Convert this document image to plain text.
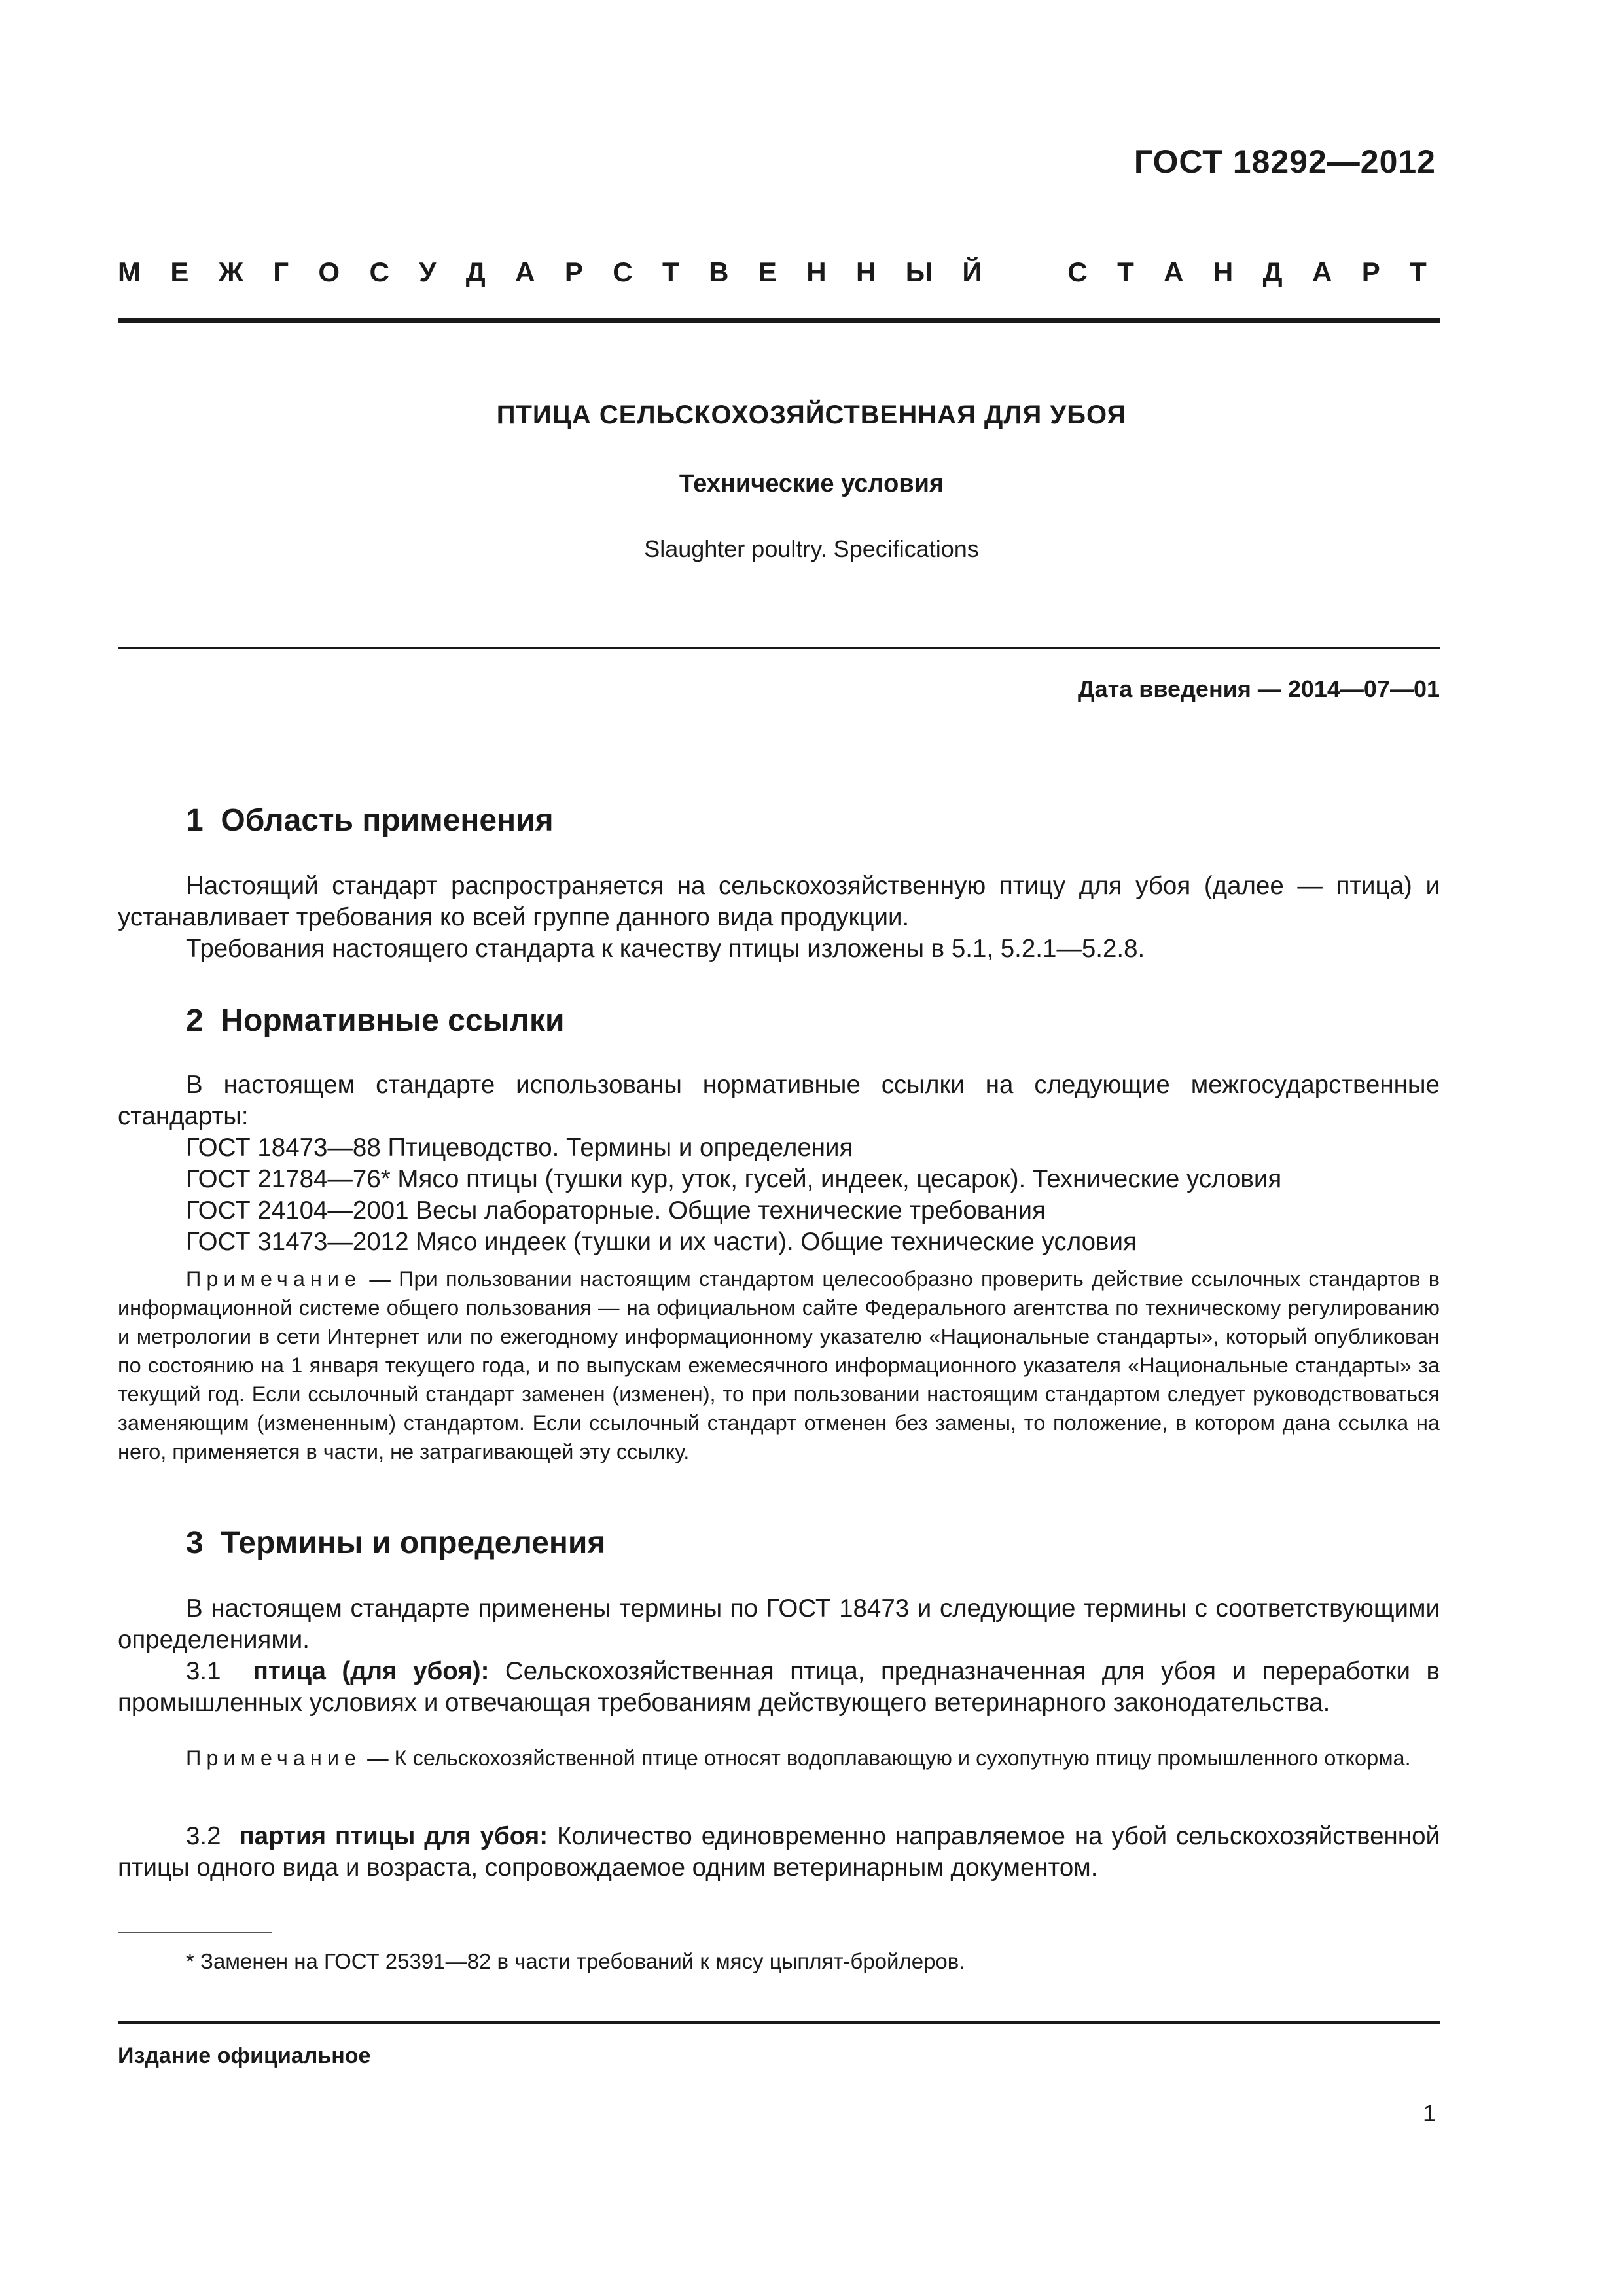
ГОСТ 18292—2012
М Е Ж Г О С У Д А Р С Т В Е Н Н Ы Й	С Т А Н Д А Р Т
ПТИЦА СЕЛЬСКОХОЗЯЙСТВЕННАЯ ДЛЯ УБОЯ
Технические условия
Slaughter poultry. Specifications
Дата введения — 2014—07—01
1 Область применения

Настоящий стандарт распространяется на сельскохозяйственную птицу для убоя (далее — птица) и устанавливает требования ко всей группе данного вида продукции.

Требования настоящего стандарта к качеству птицы изложены в 5.1, 5.2.1—5.2.8.

2 Нормативные ссылки

В настоящем стандарте использованы нормативные ссылки на следующие межгосударственные стандарты:

ГОСТ 18473—88 Птицеводство. Термины и определения
ГОСТ 21784—76* Мясо птицы (тушки кур, уток, гусей, индеек, цесарок). Технические условия
ГОСТ 24104—2001 Весы лабораторные. Общие технические требования
ГОСТ 31473—2012 Мясо индеек (тушки и их части). Общие технические условия

Примечание — При пользовании настоящим стандартом целесообразно проверить действие ссылочных стандартов в информационной системе общего пользования — на официальном сайте Федерального агентства по техническому регулированию и метрологии в сети Интернет или по ежегодному информационному указателю «Национальные стандарты», который опубликован по состоянию на 1 января текущего года, и по выпускам ежемесячного информационного указателя «Национальные стандарты» за текущий год. Если ссылочный стандарт заменен (изменен), то при пользовании настоящим стандартом следует руководствоваться заменяющим (измененным) стандартом. Если ссылочный стандарт отменен без замены, то положение, в котором дана ссылка на него, применяется в части, не затрагивающей эту ссылку.

3 Термины и определения

В настоящем стандарте применены термины по ГОСТ 18473 и следующие термины с соответствующими определениями.

3.1 птица (для убоя): Сельскохозяйственная птица, предназначенная для убоя и переработки в промышленных условиях и отвечающая требованиям действующего ветеринарного законодательства.

Примечание — К сельскохозяйственной птице относят водоплавающую и сухопутную птицу промышленного откорма.

3.2 партия птицы для убоя: Количество единовременно направляемое на убой сельскохозяйственной птицы одного вида и возраста, сопровождаемое одним ветеринарным документом.

* Заменен на ГОСТ 25391—82 в части требований к мясу цыплят-бройлеров.
Издание официальное
1
